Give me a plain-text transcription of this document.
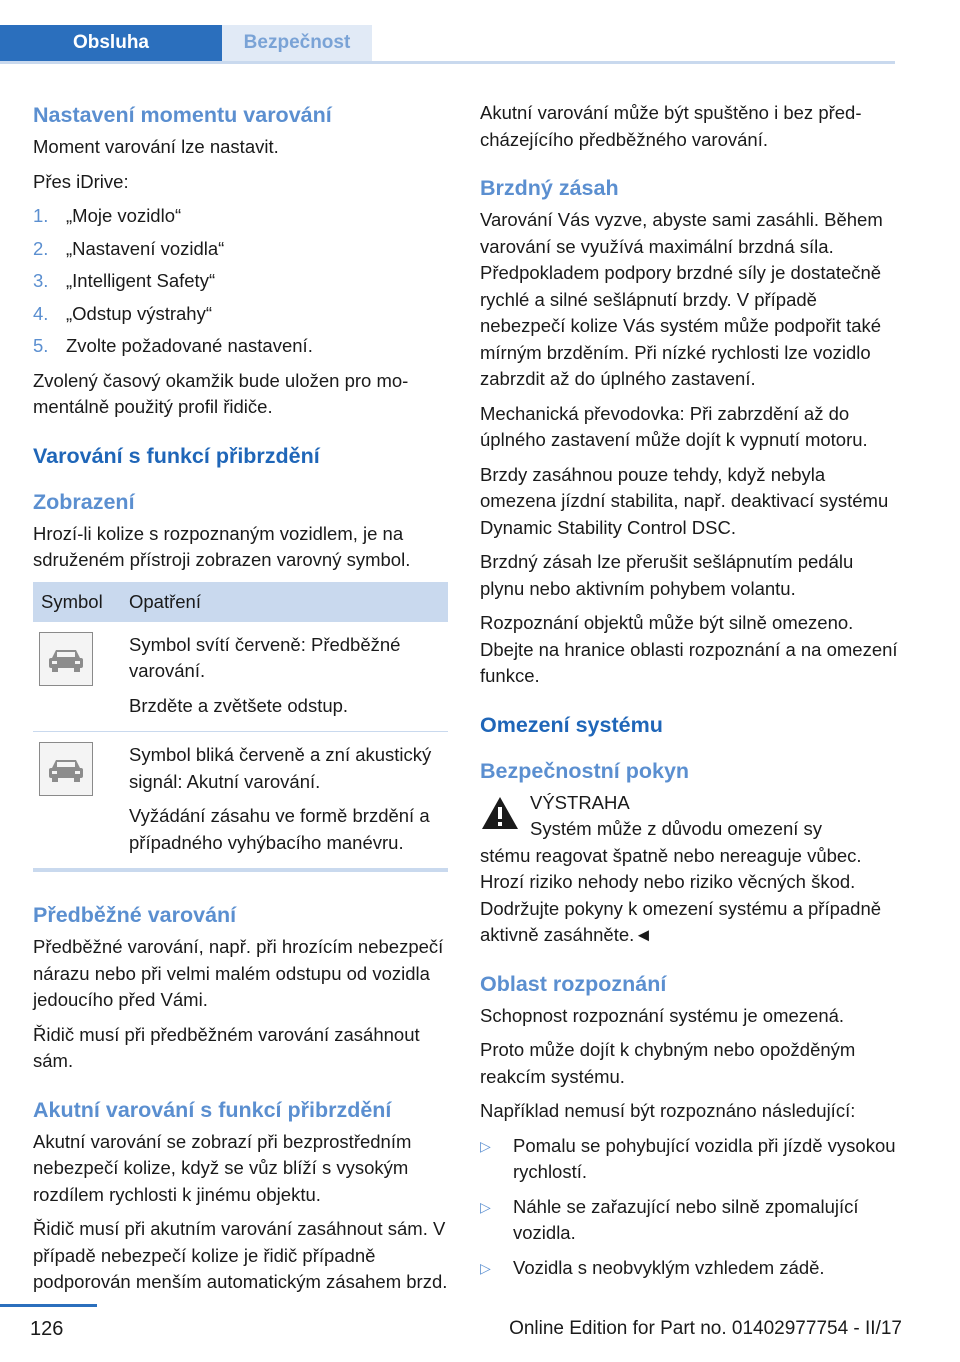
Obsluha	Bezpečnost
Nastavení momentu varování

Moment varování lze nastavit.

Přes iDrive:

1. „Moje vozidlo“
2. „Nastavení vozidla“
3. „Intelligent Safety“
4. „Odstup výstrahy“
5. Zvolte požadované nastavení.

Zvolený časový okamžik bude uložen pro momentálně použitý profil řidiče.

Varování s funkcí přibrzdění
Zobrazení

Hrozí-li kolize s rozpoznaným vozidlem, je na sdruženém přístroji zobrazen varovný symbol.

Symbol	Opatření

Symbol svítí červeně: Předběžné varování.

Brzděte a zvětšete odstup.

Symbol bliká červeně a zní akustický signál: Akutní varování.

Vyžádání zásahu ve formě brzdění a případného vyhýbacího manévru.

Předběžné varování

Předběžné varování, např. při hrozícím nebezpečí nárazu nebo při velmi malém odstupu od vozidla jedoucího před Vámi.

Řidič musí při předběžném varování zasáhnout sám.

Akutní varování s funkcí přibrzdění

Akutní varování se zobrazí při bezprostředním nebezpečí kolize, když se vůz blíží s vysokým rozdílem rychlosti k jinému objektu.

Řidič musí při akutním varování zasáhnout sám. V případě nebezpečí kolize je řidič případně podporován menším automatickým zásahem brzd.

Akutní varování může být spuštěno i bez předcházejícího předběžného varování.

Brzdný zásah

Varování Vás vyzve, abyste sami zasáhli. Během varování se využívá maximální brzdná síla. Předpokladem podpory brzdné síly je dostatečně rychlé a silné sešlápnutí brzdy. V případě nebezpečí kolize Vás systém může podpořit také mírným brzděním. Při nízké rychlosti lze vozidlo zabrzdit až do úplného zastavení.

Mechanická převodovka: Při zabrzdění až do úplného zastavení může dojít k vypnutí motoru.

Brzdy zasáhnou pouze tehdy, když nebyla omezena jízdní stabilita, např. deaktivací systému Dynamic Stability Control DSC.

Brzdný zásah lze přerušit sešlápnutím pedálu plynu nebo aktivním pohybem volantu.

Rozpoznání objektů může být silně omezeno. Dbejte na hranice oblasti rozpoznání a na omezení funkce.

Omezení systému
Bezpečnostní pokyn

VÝSTRAHA

Systém může z důvodu omezení sy

stému reagovat špatně nebo nereaguje vůbec. Hrozí riziko nehody nebo riziko věcných škod. Dodržujte pokyny k omezení systému a případně aktivně zasáhněte.◄

Oblast rozpoznání

Schopnost rozpoznání systému je omezená.

Proto může dojít k chybným nebo opožděným reakcím systému.

Například nemusí být rozpoznáno následující:

▷ Pomalu se pohybující vozidla při jízdě vysokou rychlostí.
▷ Náhle se zařazující nebo silně zpomalující vozidla.
▷ Vozidla s neobvyklým vzhledem zádě.
126	Online Edition for Part no. 01402977754 - II/17
